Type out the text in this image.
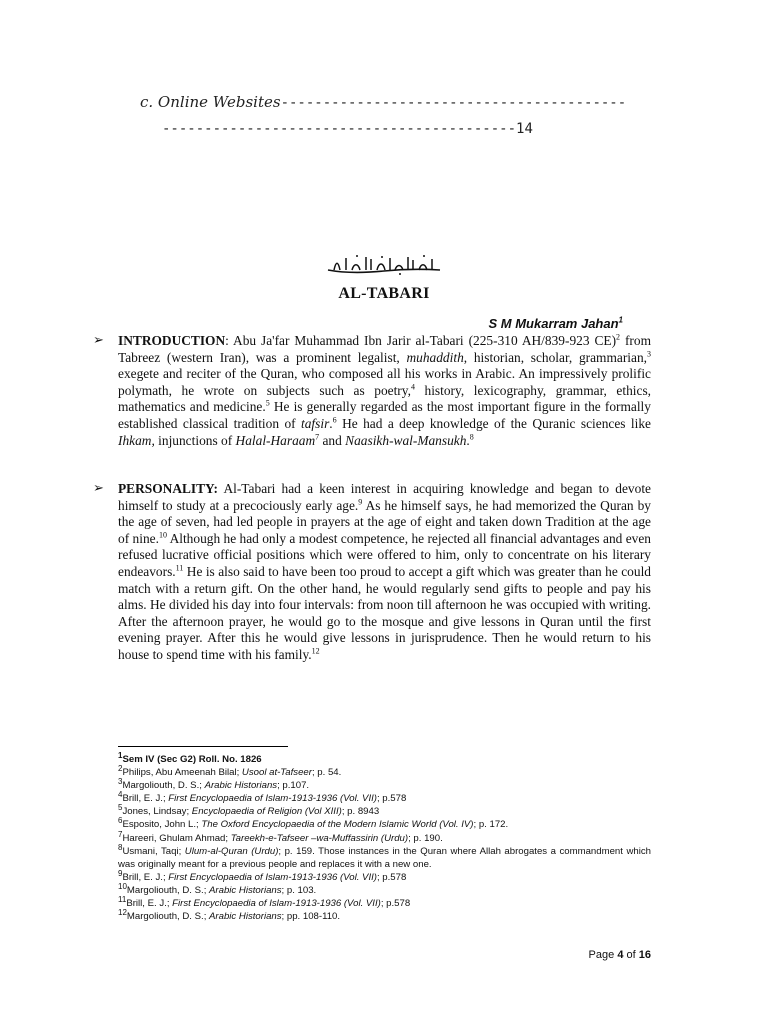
c. Online Websites-----------------------------------------
------------------------------------------14
AL-TABARI
S M Mukarram Jahan$^1$
➢ INTRODUCTION: Abu Ja'far Muhammad Ibn Jarir al-Tabari (225-310 AH/839-923 CE)$^2$ from Tabreez (western Iran), was a prominent legalist, muhaddith, historian, scholar, grammarian,$^3$ exegete and reciter of the Quran, who composed all his works in Arabic. An impressively prolific polymath, he wrote on subjects such as poetry,$^4$ history, lexicography, grammar, ethics, mathematics and medicine.$^5$ He is generally regarded as the most important figure in the formally established classical tradition of tafsir.$^6$ He had a deep knowledge of the Quranic sciences like Ihkam, injunctions of Halal-Haraam$^7$ and Naasikh-wal-Mansukh.$^8$
➢ PERSONALITY: Al-Tabari had a keen interest in acquiring knowledge and began to devote himself to study at a precociously early age.$^9$ As he himself says, he had memorized the Quran by the age of seven, had led people in prayers at the age of eight and taken down Tradition at the age of nine.$^{10}$ Although he had only a modest competence, he rejected all financial advantages and even refused lucrative official positions which were offered to him, only to concentrate on his literary endeavors.$^{11}$ He is also said to have been too proud to accept a gift which was greater than he could match with a return gift. On the other hand, he would regularly send gifts to people and pay his alms. He divided his day into four intervals: from noon till afternoon he was occupied with writing. After the afternoon prayer, he would go to the mosque and give lessons in Quran until the first evening prayer. After this he would give lessons in jurisprudence. Then he would return to his house to spend time with his family.$^{12}$

$^1$Sem IV (Sec G2) Roll. No. 1826

$^2$Philips, Abu Ameenah Bilal; Usool at-Tafseer; p. 54.

$^3$Margoliouth, D. S.; Arabic Historians; p.107.

$^4$Brill, E. J.; First Encyclopaedia of Islam-1913-1936 (Vol. VII); p.578

$^5$Jones, Lindsay; Encyclopaedia of Religion (Vol XIII); p. 8943

$^6$Esposito, John L.; The Oxford Encyclopaedia of the Modern Islamic World (Vol. IV); p. 172.

$^7$Hareeri, Ghulam Ahmad; Tareekh-e-Tafseer –wa-Muffassirin (Urdu); p. 190.

$^8$Usmani, Taqi; Ulum-al-Quran (Urdu); p. 159. Those instances in the Quran where Allah abrogates a commandment which was originally meant for a previous people and replaces it with a new one.

$^9$Brill, E. J.; First Encyclopaedia of Islam-1913-1936 (Vol. VII); p.578

$^{10}$Margoliouth, D. S.; Arabic Historians; p. 103.

$^{11}$Brill, E. J.; First Encyclopaedia of Islam-1913-1936 (Vol. VII); p.578

$^{12}$Margoliouth, D. S.; Arabic Historians; pp. 108-110.

Page 4 of 16
